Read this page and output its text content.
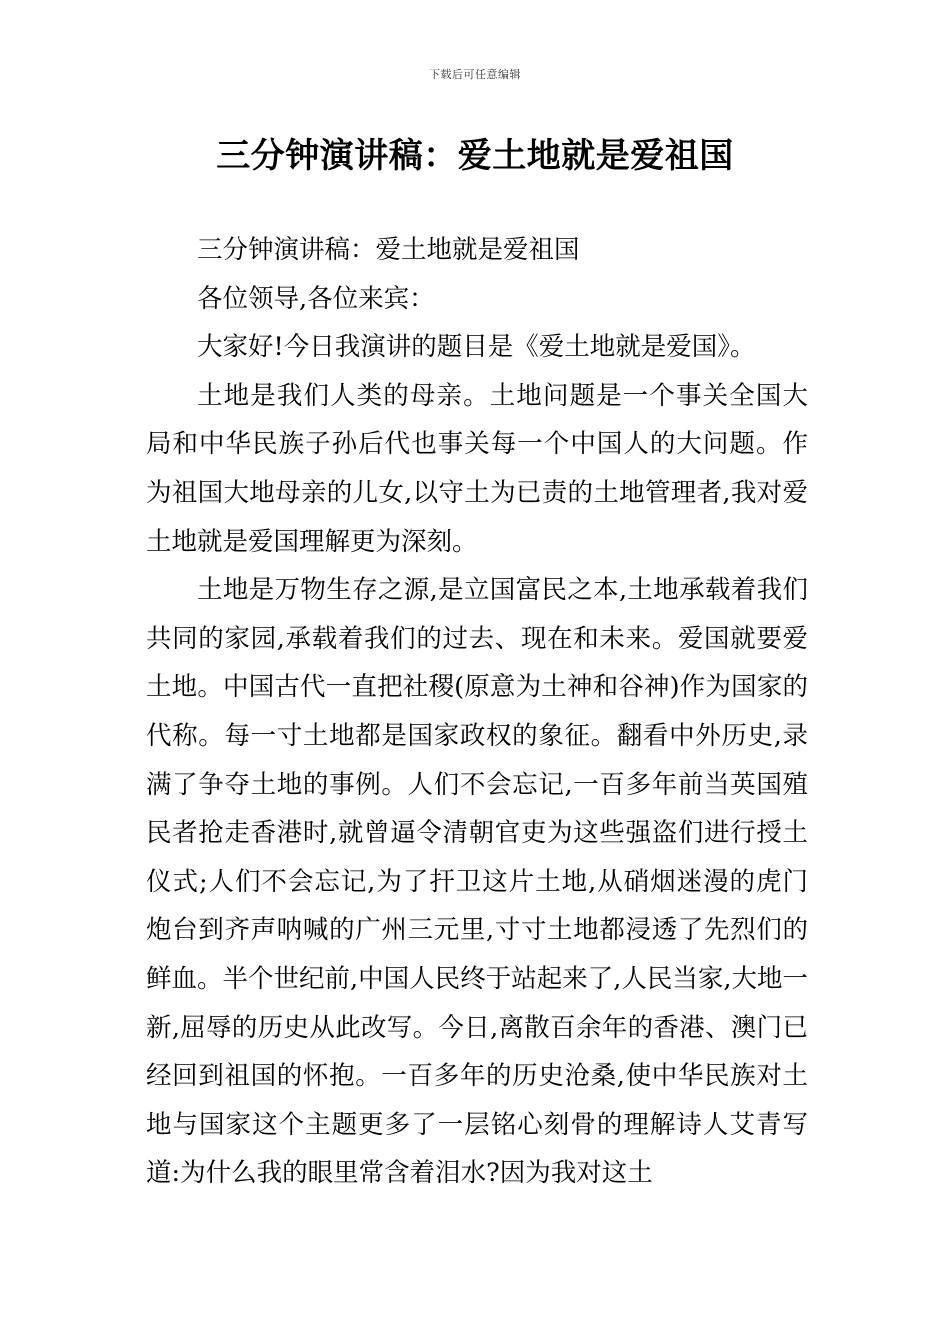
下载后可任意编辑
三分钟演讲稿：爱土地就是爱祖国

三分钟演讲稿：爱土地就是爱祖国

各位领导,各位来宾：

大家好!今日我演讲的题目是《爱土地就是爱国》。

土地是我们人类的母亲。土地问题是一个事关全国大局和中华民族子孙后代也事关每一个中国人的大问题。作为祖国大地母亲的儿女,以守土为已责的土地管理者,我对爱土地就是爱国理解更为深刻。

土地是万物生存之源,是立国富民之本,土地承载着我们共同的家园,承载着我们的过去、现在和未来。爱国就要爱土地。中国古代一直把社稷(原意为土神和谷神)作为国家的代称。每一寸土地都是国家政权的象征。翻看中外历史,录满了争夺土地的事例。人们不会忘记,一百多年前当英国殖民者抢走香港时,就曾逼令清朝官吏为这些强盗们进行授土仪式;人们不会忘记,为了扞卫这片土地,从硝烟迷漫的虎门炮台到齐声呐喊的广州三元里,寸寸土地都浸透了先烈们的鲜血。半个世纪前,中国人民终于站起来了,人民当家,大地一新,屈辱的历史从此改写。今日,离散百余年的香港、澳门已经回到祖国的怀抱。一百多年的历史沧桑,使中华民族对土地与国家这个主题更多了一层铭心刻骨的理解诗人艾青写道:为什么我的眼里常含着泪水?因为我对这土
